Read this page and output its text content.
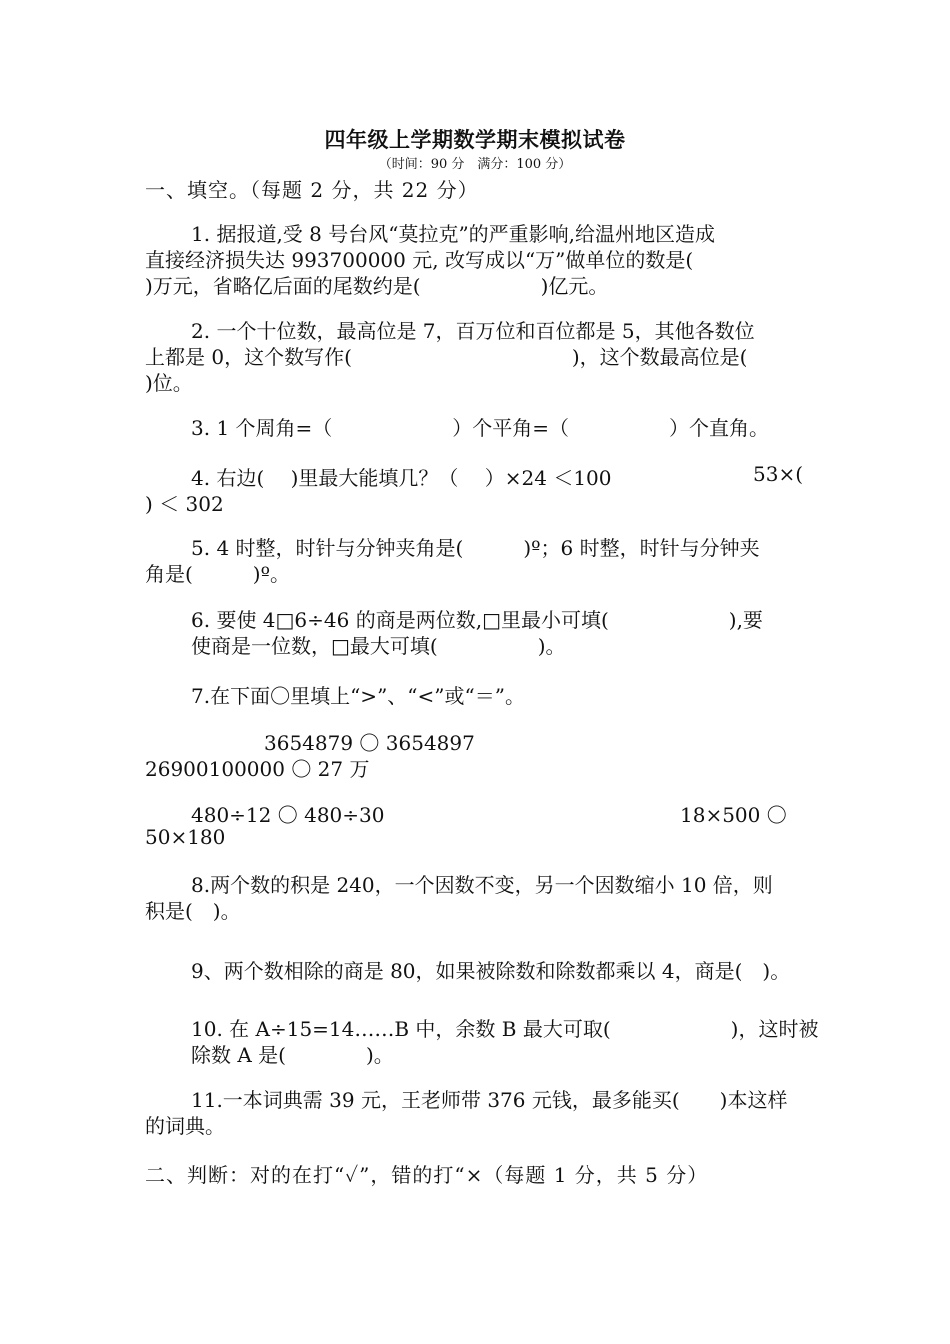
四年级上学期数学期末模拟试卷
（时间：90 分　满分：100 分）
一、填空。（每题 2 分，共 22 分）
1. 据报道,受 8 号台风“莫拉克”的严重影响,给温州地区造成
直接经济损失达 993700000 元, 改写成以“万”做单位的数是(
)万元，省略亿后面的尾数约是(　　　　　　)亿元。
2. 一个十位数，最高位是 7，百万位和百位都是 5，其他各数位
上都是 0，这个数写作(　　　　　　　　　　　)，这个数最高位是(
)位。
3. 1 个周角=（　　　　　　）个平角=（　　　　　）个直角。
4. 右边(　 )里最大能填几？（　 ）×24 ＜100	53×(
) ＜ 302
5. 4 时整，时针与分钟夹角是(　　　)º；6 时整，时针与分钟夹
角是(　　　)º。
6. 要使 4□6÷46 的商是两位数,□里最小可填(　　　　　　),要
使商是一位数，□最大可填(　　　　　)。
7.在下面〇里填上“>”、“<”或“＝”。
3654879 〇 3654897
26900100000 〇 27 万
480÷12 〇 480÷30	18×500 〇
50×180
8.两个数的积是 240，一个因数不变，另一个因数缩小 10 倍，则
积是(　)。
9、两个数相除的商是 80，如果被除数和除数都乘以 4，商是(　)。
10. 在 A÷15=14……B 中，余数 B 最大可取(　　　　　　)，这时被
除数 A 是(　　　　)。
11.一本词典需 39 元，王老师带 376 元钱，最多能买(　　)本这样
的词典。
二、判断：对的在打“✓”，错的打“×（每题 1 分，共 5 分）
